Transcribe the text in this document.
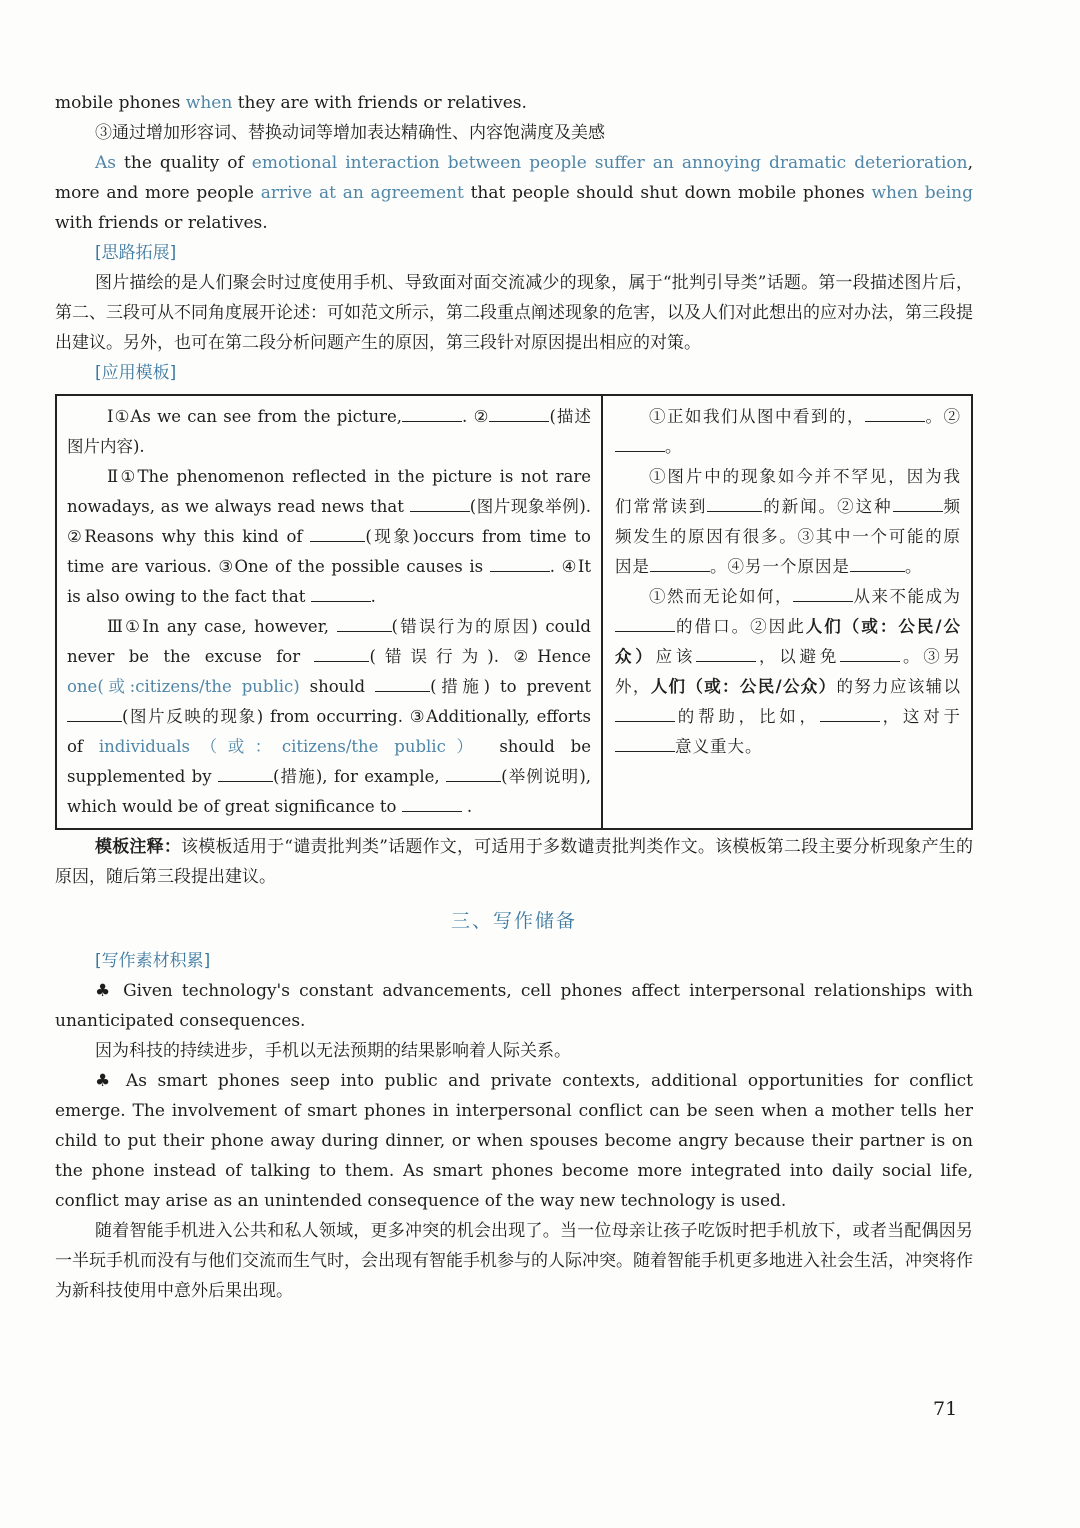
mobile phones when they are with friends or relatives.

③通过增加形容词、替换动词等增加表达精确性、内容饱满度及美感

As the quality of emotional interaction between people suffer an annoying dramatic deterioration, more and more people arrive at an agreement that people should shut down mobile phones when being with friends or relatives.

[思路拓展]

图片描绘的是人们聚会时过度使用手机、导致面对面交流减少的现象，属于“批判引导类”话题。第一段描述图片后，第二、三段可从不同角度展开论述：可如范文所示，第二段重点阐述现象的危害，以及人们对此想出的应对办法，第三段提出建议。另外，也可在第二段分析问题产生的原因，第三段针对原因提出相应的对策。

[应用模板]

Ⅰ①As we can see from the picture,	. ②	(描述图片内容).

Ⅱ①The phenomenon reflected in the picture is not rare nowadays, as we always read news that	(图片现象举例). ②Reasons why this kind of	(现象)occurs from time to time are various. ③One of the possible causes is	. ④It is also owing to the fact that	.

Ⅲ①In any case, however,	(错误行为的原因) could never be the excuse for	(错误行为). ②Hence one(或:citizens/the public) should	(措施) to prevent (图片反映的现象) from occurring. ③Additionally, efforts of individuals（或：citizens/the public） should be supplemented by	(措施), for example,	(举例说明), which would be of great significance to	.

①正如我们从图中看到的，	。②。

①图片中的现象如今并不罕见，因为我们常常读到	的新闻。②这种	频频发生的原因有很多。③其中一个可能的原因是	。④另一个原因是	。

①然而无论如何，	从来不能成为的借口。②因此人们（或：公民/公众）应该	，以避免	。③另外，人们（或：公民/公众）的努力应该辅以的帮助，比如，	，这对于意义重大。

模板注释：该模板适用于“谴责批判类”话题作文，可适用于多数谴责批判类作文。该模板第二段主要分析现象产生的原因，随后第三段提出建议。

三、写作储备

[写作素材积累]

♣ Given technology's constant advancements, cell phones affect interpersonal relationships with unanticipated consequences.

因为科技的持续进步，手机以无法预期的结果影响着人际关系。

♣ As smart phones seep into public and private contexts, additional opportunities for conflict emerge. The involvement of smart phones in interpersonal conflict can be seen when a mother tells her child to put their phone away during dinner, or when spouses become angry because their partner is on the phone instead of talking to them. As smart phones become more integrated into daily social life, conflict may arise as an unintended consequence of the way new technology is used.

随着智能手机进入公共和私人领域，更多冲突的机会出现了。当一位母亲让孩子吃饭时把手机放下，或者当配偶因另一半玩手机而没有与他们交流而生气时，会出现有智能手机参与的人际冲突。随着智能手机更多地进入社会生活，冲突将作为新科技使用中意外后果出现。

71
